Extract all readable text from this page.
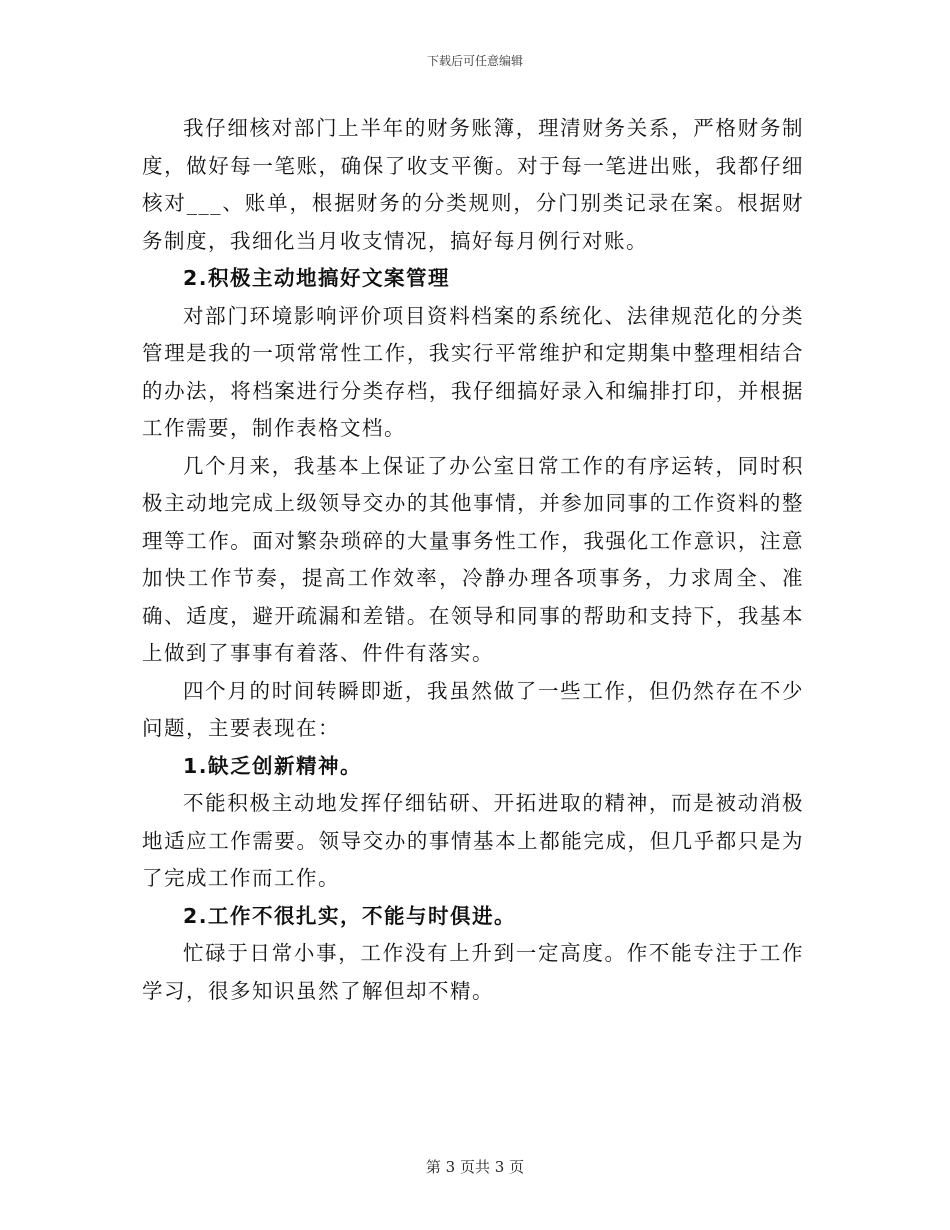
下载后可任意编辑

我仔细核对部门上半年的财务账簿，理清财务关系，严格财务制度，做好每一笔账，确保了收支平衡。对于每一笔进出账，我都仔细核对___、账单，根据财务的分类规则，分门别类记录在案。根据财务制度，我细化当月收支情况，搞好每月例行对账。

2.积极主动地搞好文案管理

对部门环境影响评价项目资料档案的系统化、法律规范化的分类管理是我的一项常常性工作，我实行平常维护和定期集中整理相结合的办法，将档案进行分类存档，我仔细搞好录入和编排打印，并根据工作需要，制作表格文档。

几个月来，我基本上保证了办公室日常工作的有序运转，同时积极主动地完成上级领导交办的其他事情，并参加同事的工作资料的整理等工作。面对繁杂琐碎的大量事务性工作，我强化工作意识，注意加快工作节奏，提高工作效率，冷静办理各项事务，力求周全、准确、适度，避开疏漏和差错。在领导和同事的帮助和支持下，我基本上做到了事事有着落、件件有落实。

四个月的时间转瞬即逝，我虽然做了一些工作，但仍然存在不少问题，主要表现在：

1.缺乏创新精神。

不能积极主动地发挥仔细钻研、开拓进取的精神，而是被动消极地适应工作需要。领导交办的事情基本上都能完成，但几乎都只是为了完成工作而工作。

2.工作不很扎实，不能与时俱进。

忙碌于日常小事，工作没有上升到一定高度。作不能专注于工作学习，很多知识虽然了解但却不精。

第 3 页共 3 页
